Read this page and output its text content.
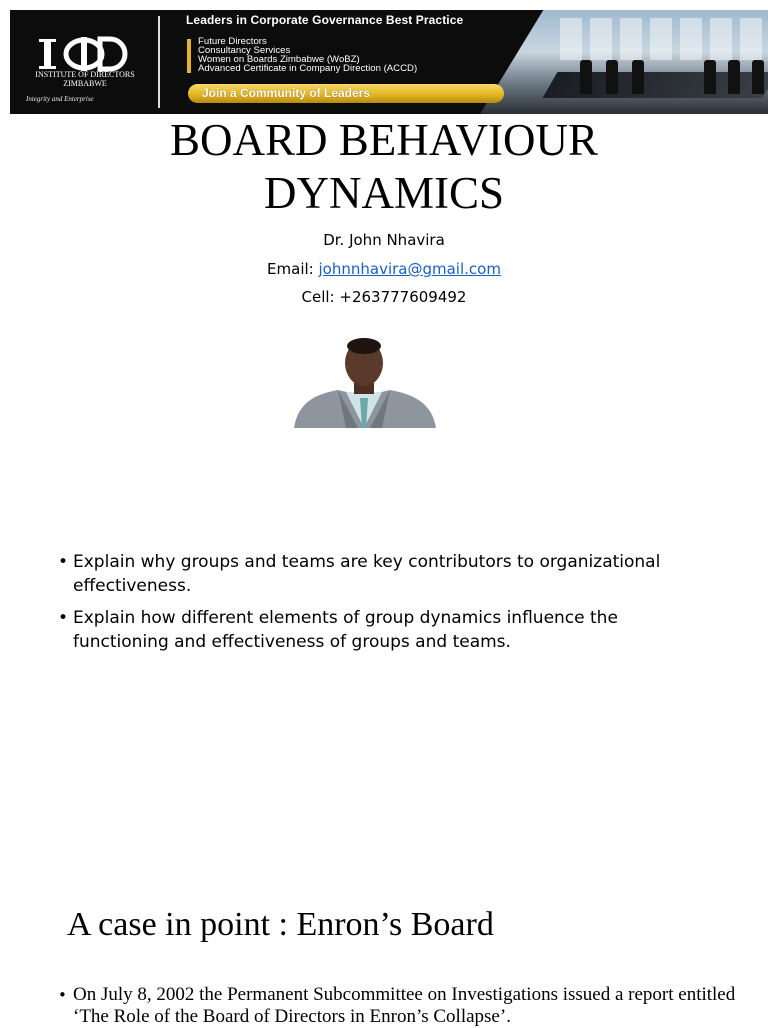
INSTITUTE OF DIRECTORS
ZIMBABWE
Integrity and Enterprise
Leaders in Corporate Governance Best Practice
Future Directors
Consultancy Services
Women on Boards Zimbabwe (WoBZ)
Advanced Certificate in Company Direction (ACCD)
Join a Community of Leaders
BOARD BEHAVIOUR
DYNAMICS
Dr. John Nhavira
Email: johnnhavira@gmail.com
Cell: +263777609492
• Explain why groups and teams are key contributors to organizational effectiveness.
• Explain how different elements of group dynamics influence the functioning and effectiveness of groups and teams.
A case in point : Enron’s Board
• On July 8, 2002 the Permanent Subcommittee on Investigations issued a report entitled ‘The Role of the Board of Directors in Enron’s Collapse’.
